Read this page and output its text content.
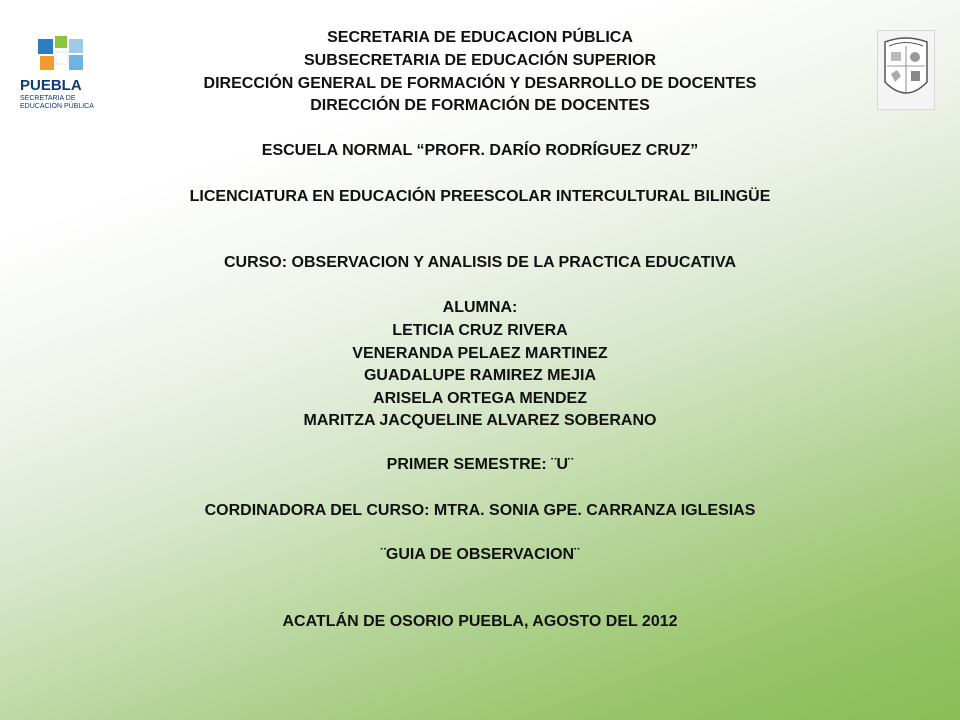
PUEBLA
SECRETARIA DE
EDUCACIÓN PÚBLICA
SECRETARIA DE EDUCACION PÚBLICA
SUBSECRETARIA DE EDUCACIÓN SUPERIOR
DIRECCIÓN GENERAL DE FORMACIÓN Y DESARROLLO DE DOCENTES
DIRECCIÓN DE FORMACIÓN DE DOCENTES
ESCUELA NORMAL “PROFR. DARÍO RODRÍGUEZ CRUZ”
LICENCIATURA EN EDUCACIÓN PREESCOLAR INTERCULTURAL BILINGÜE
CURSO: OBSERVACION Y ANALISIS DE LA PRACTICA EDUCATIVA
ALUMNA:
LETICIA CRUZ RIVERA
VENERANDA PELAEZ MARTINEZ
GUADALUPE RAMIREZ MEJIA
ARISELA ORTEGA MENDEZ
MARITZA JACQUELINE ALVAREZ SOBERANO
PRIMER SEMESTRE: ¨U¨
CORDINADORA DEL CURSO: MTRA. SONIA GPE. CARRANZA IGLESIAS
¨GUIA DE OBSERVACION¨
ACATLÁN DE OSORIO PUEBLA, AGOSTO DEL 2012
